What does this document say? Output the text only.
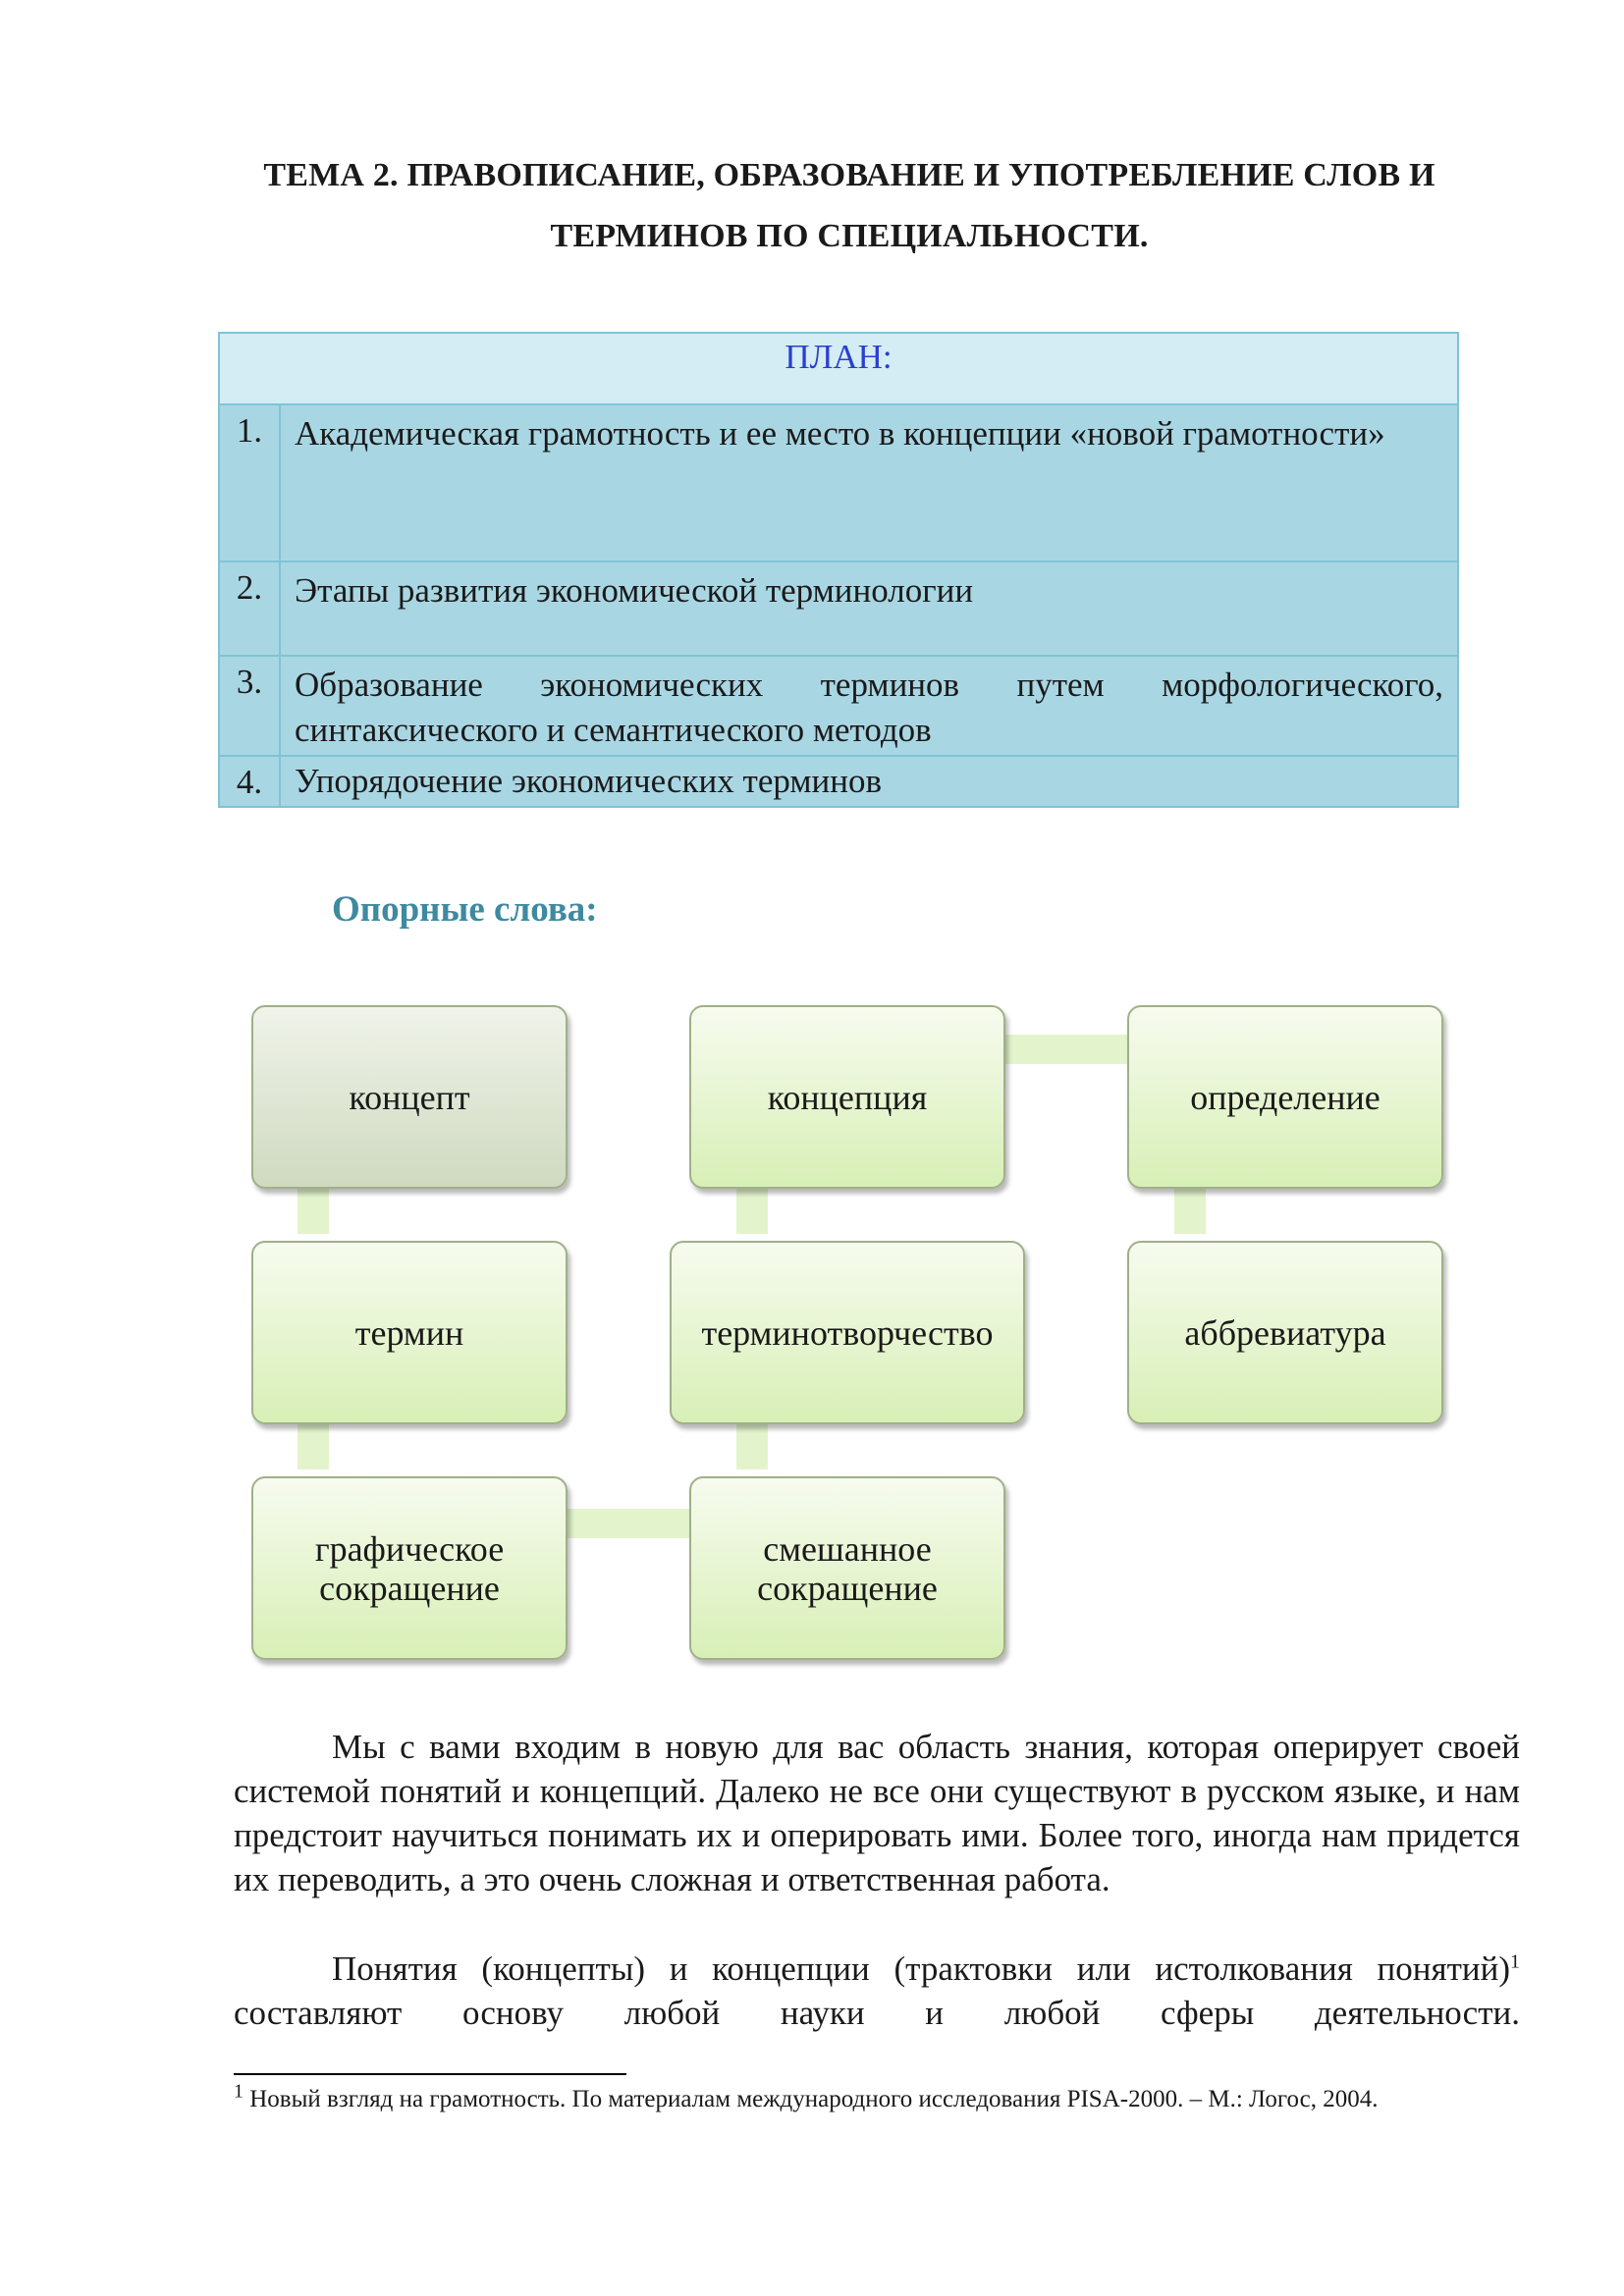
ТЕМА 2. ПРАВОПИСАНИЕ, ОБРАЗОВАНИЕ И УПОТРЕБЛЕНИЕ СЛОВ И
ТЕРМИНОВ ПО СПЕЦИАЛЬНОСТИ.
ПЛАН:	
1.	Академическая грамотность и ее место в концепции «новой грамотности»
2.	Этапы развития экономической терминологии
3.	Образование экономических терминов путем морфологического, синтаксического и семантического методов
4.	Упорядочение экономических терминов
Опорные слова:
концепт	концепция	определение
термин	терминотворчество	аббревиатура
графическое
сокращение
смешанное
сокращение
Мы с вами входим в новую для вас область знания, которая оперирует своей системой понятий и концепций. Далеко не все они существуют в русском языке, и нам предстоит научиться понимать их и оперировать ими. Более того, иногда нам придется их переводить, а это очень сложная и ответственная работа.
Понятия (концепты) и концепции (трактовки или истолкования понятий)$^1$ составляют основу любой науки и любой сферы деятельности.
$^1$ Новый взгляд на грамотность. По материалам международного исследования PISA-2000. – М.: Логос, 2004.
